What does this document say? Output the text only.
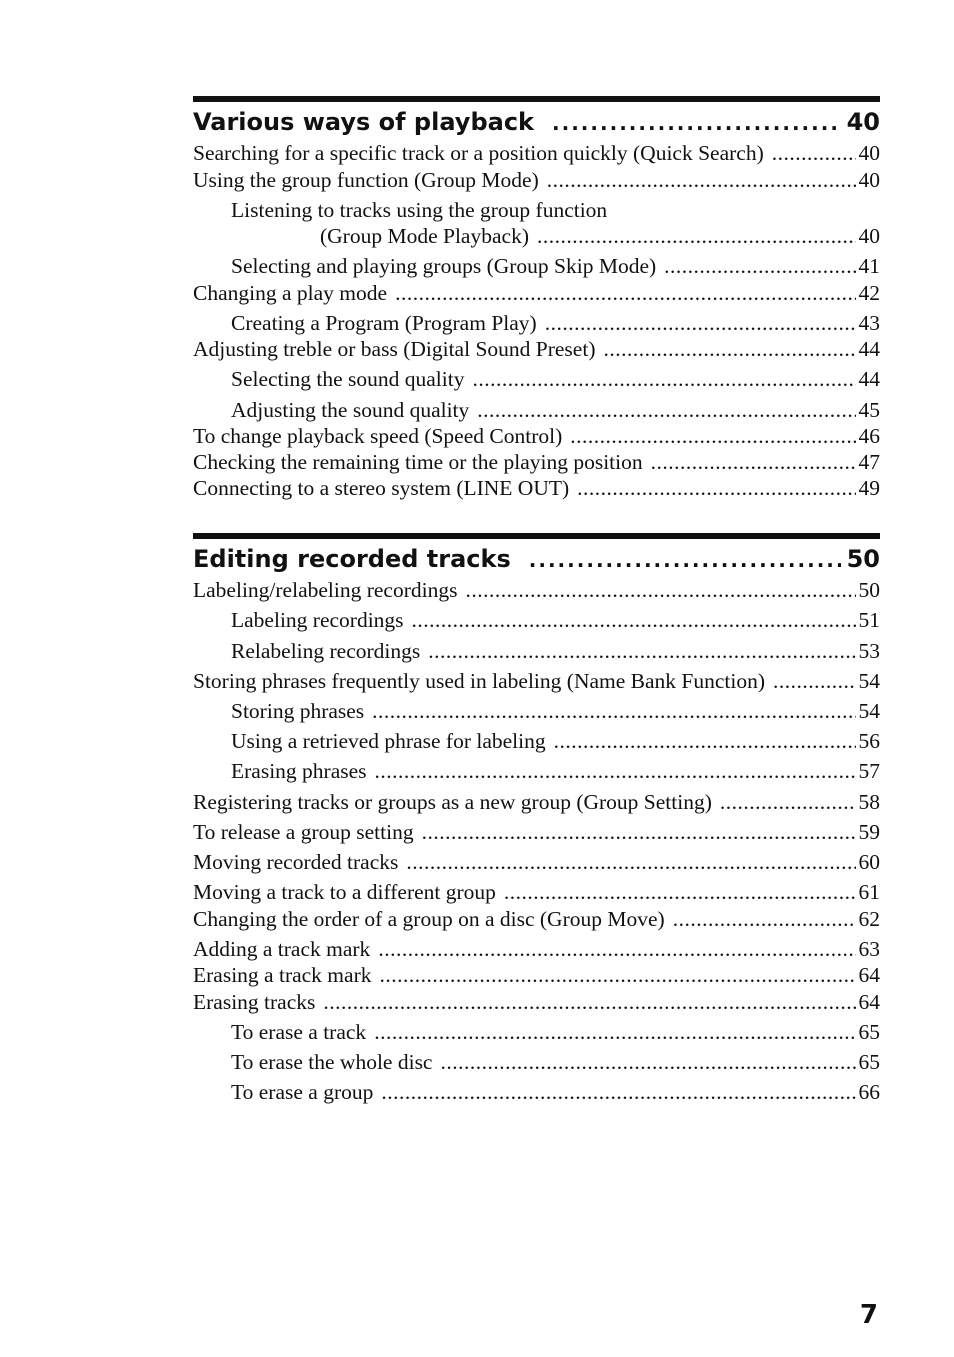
Various ways of playback .....	40
Searching for a specific track or a position quickly (Quick Search) .....	40
Using the group function (Group Mode) .....	40
Listening to tracks using the group function
(Group Mode Playback) .....	40
Selecting and playing groups (Group Skip Mode) .....	41
Changing a play mode .....	42
Creating a Program (Program Play) .....	43
Adjusting treble or bass (Digital Sound Preset) .....	44
Selecting the sound quality .....	44
Adjusting the sound quality .....	45
To change playback speed (Speed Control) .....	46
Checking the remaining time or the playing position .....	47
Connecting to a stereo system (LINE OUT) .....	49
Editing recorded tracks .....	50
Labeling/relabeling recordings .....	50
Labeling recordings .....	51
Relabeling recordings .....	53
Storing phrases frequently used in labeling (Name Bank Function) .....	54
Storing phrases .....	54
Using a retrieved phrase for labeling .....	56
Erasing phrases .....	57
Registering tracks or groups as a new group (Group Setting) .....	58
To release a group setting .....	59
Moving recorded tracks .....	60
Moving a track to a different group .....	61
Changing the order of a group on a disc (Group Move) .....	62
Adding a track mark .....	63
Erasing a track mark .....	64
Erasing tracks .....	64
To erase a track .....	65
To erase the whole disc .....	65
To erase a group .....	66
7
